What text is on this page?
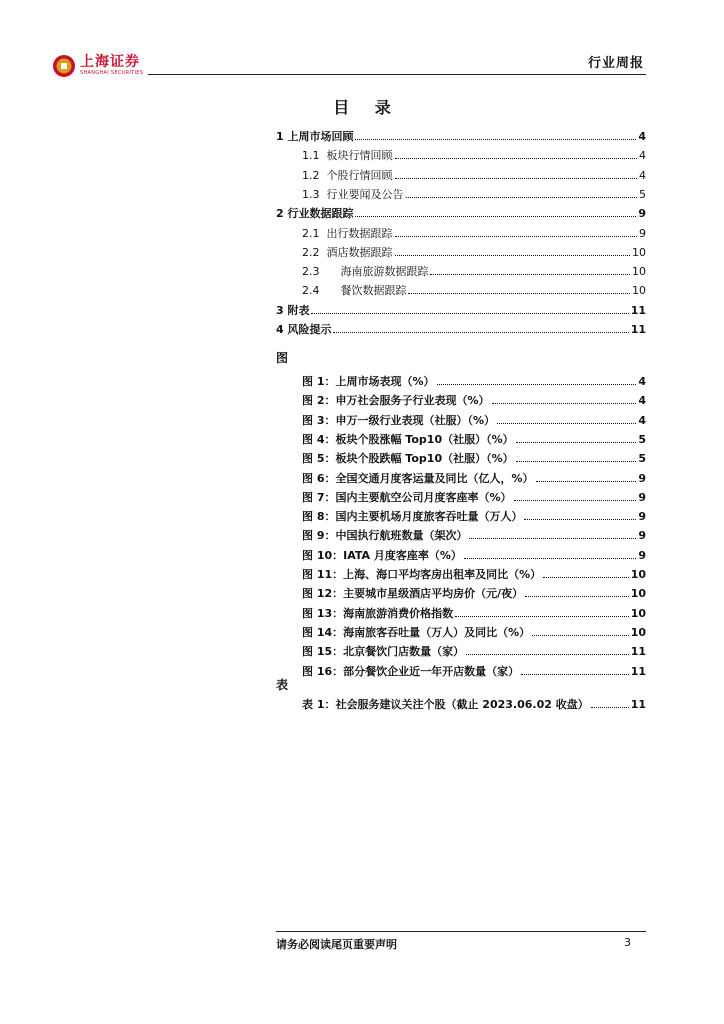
上海证券
SHANGHAI SECURITIES
行业周报
目 录
1 上周市场回顾	4
1.1  板块行情回顾	4
1.2  个股行情回顾	4
1.3  行业要闻及公告	5
2 行业数据跟踪	9
2.1  出行数据跟踪	9
2.2  酒店数据跟踪	10
2.3      海南旅游数据跟踪	10
2.4      餐饮数据跟踪	10
3 附表	11
4 风险提示	11
图
图 1：上周市场表现（%）	4
图 2：申万社会服务子行业表现（%）	4
图 3：申万一级行业表现（社服）（%）	4
图 4：板块个股涨幅 Top10（社服）（%）	5
图 5：板块个股跌幅 Top10（社服）（%）	5
图 6：全国交通月度客运量及同比（亿人，%）	9
图 7：国内主要航空公司月度客座率（%）	9
图 8：国内主要机场月度旅客吞吐量（万人）	9
图 9：中国执行航班数量（架次）	9
图 10：IATA 月度客座率（%）	9
图 11：上海、海口平均客房出租率及同比（%）	10
图 12：主要城市星级酒店平均房价（元/夜）	10
图 13：海南旅游消费价格指数	10
图 14：海南旅客吞吐量（万人）及同比（%）	10
图 15：北京餐饮门店数量（家）	11
图 16：部分餐饮企业近一年开店数量（家）	11
表
表 1：社会服务建议关注个股（截止 2023.06.02 收盘）	11
请务必阅读尾页重要声明	3
